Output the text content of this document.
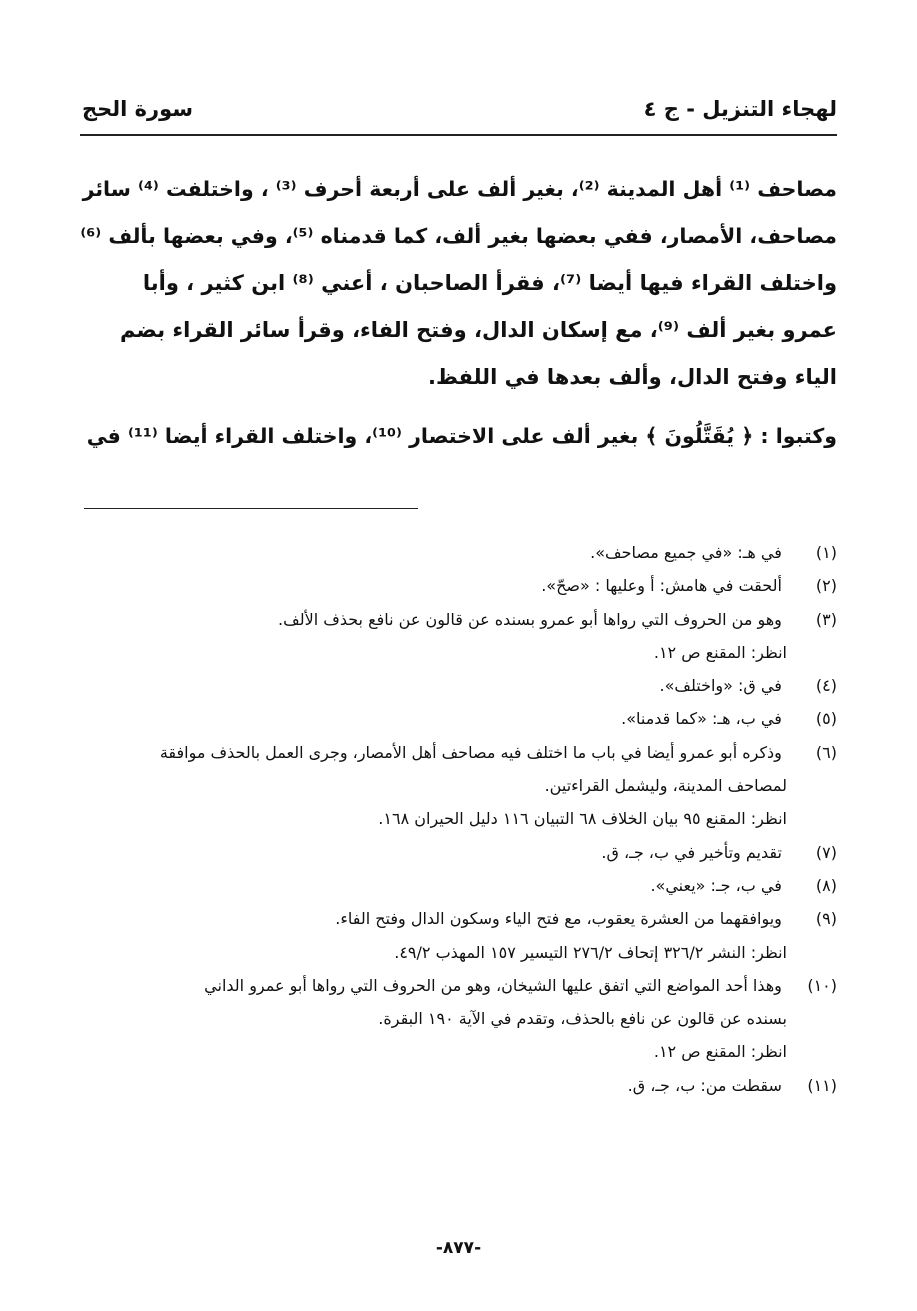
لهجاء التنزيل - ج ٤
سورة الحج

مصاحف ⁽¹⁾ أهل المدينة ⁽²⁾، بغير ألف على أربعة أحرف ⁽³⁾ ، واختلفت ⁽⁴⁾ سائر

مصاحف، الأمصار، ففي بعضها بغير ألف، كما قدمناه ⁽⁵⁾، وفي بعضها بألف ⁽⁶⁾

واختلف القراء فيها أيضا ⁽⁷⁾، فقرأ الصاحبان ، أعني ⁽⁸⁾ ابن كثير ، وأبا

عمرو بغير ألف ⁽⁹⁾، مع إسكان الدال، وفتح الفاء، وقرأ سائر القراء بضم

الياء وفتح الدال، وألف بعدها في اللفظ.

وكتبوا : ﴿ يُقَتَّلُونَ ﴾ بغير ألف على الاختصار ⁽¹⁰⁾، واختلف القراء أيضا ⁽¹¹⁾ في

(١) في هـ: «في جميع مصاحف».
(٢) ألحقت في هامش: أ وعليها : «صحّ».
(٣) وهو من الحروف التي رواها أبو عمرو بسنده عن قالون عن نافع بحذف الألف.
انظر: المقنع ص ١٢.
(٤) في ق: «واختلف».
(٥) في ب، هـ: «كما قدمنا».
(٦) وذكره أبو عمرو أيضا في باب ما اختلف فيه مصاحف أهل الأمصار، وجرى العمل بالحذف موافقة
لمصاحف المدينة، وليشمل القراءتين.
انظر: المقنع ٩٥ بيان الخلاف ٦٨ التبيان ١١٦ دليل الحيران ١٦٨.
(٧) تقديم وتأخير في ب، جـ، ق.
(٨) في ب، جـ: «يعني».
(٩) ويوافقهما من العشرة يعقوب، مع فتح الياء وسكون الدال وفتح الفاء.
انظر: النشر ٣٢٦/٢ إتحاف ٢٧٦/٢ التيسير ١٥٧ المهذب ٤٩/٢.
(١٠) وهذا أحد المواضع التي اتفق عليها الشيخان، وهو من الحروف التي رواها أبو عمرو الداني
بسنده عن قالون عن نافع بالحذف، وتقدم في الآية ١٩٠ البقرة.
انظر: المقنع ص ١٢.
(١١) سقطت من: ب، جـ، ق.
-٨٧٧-
